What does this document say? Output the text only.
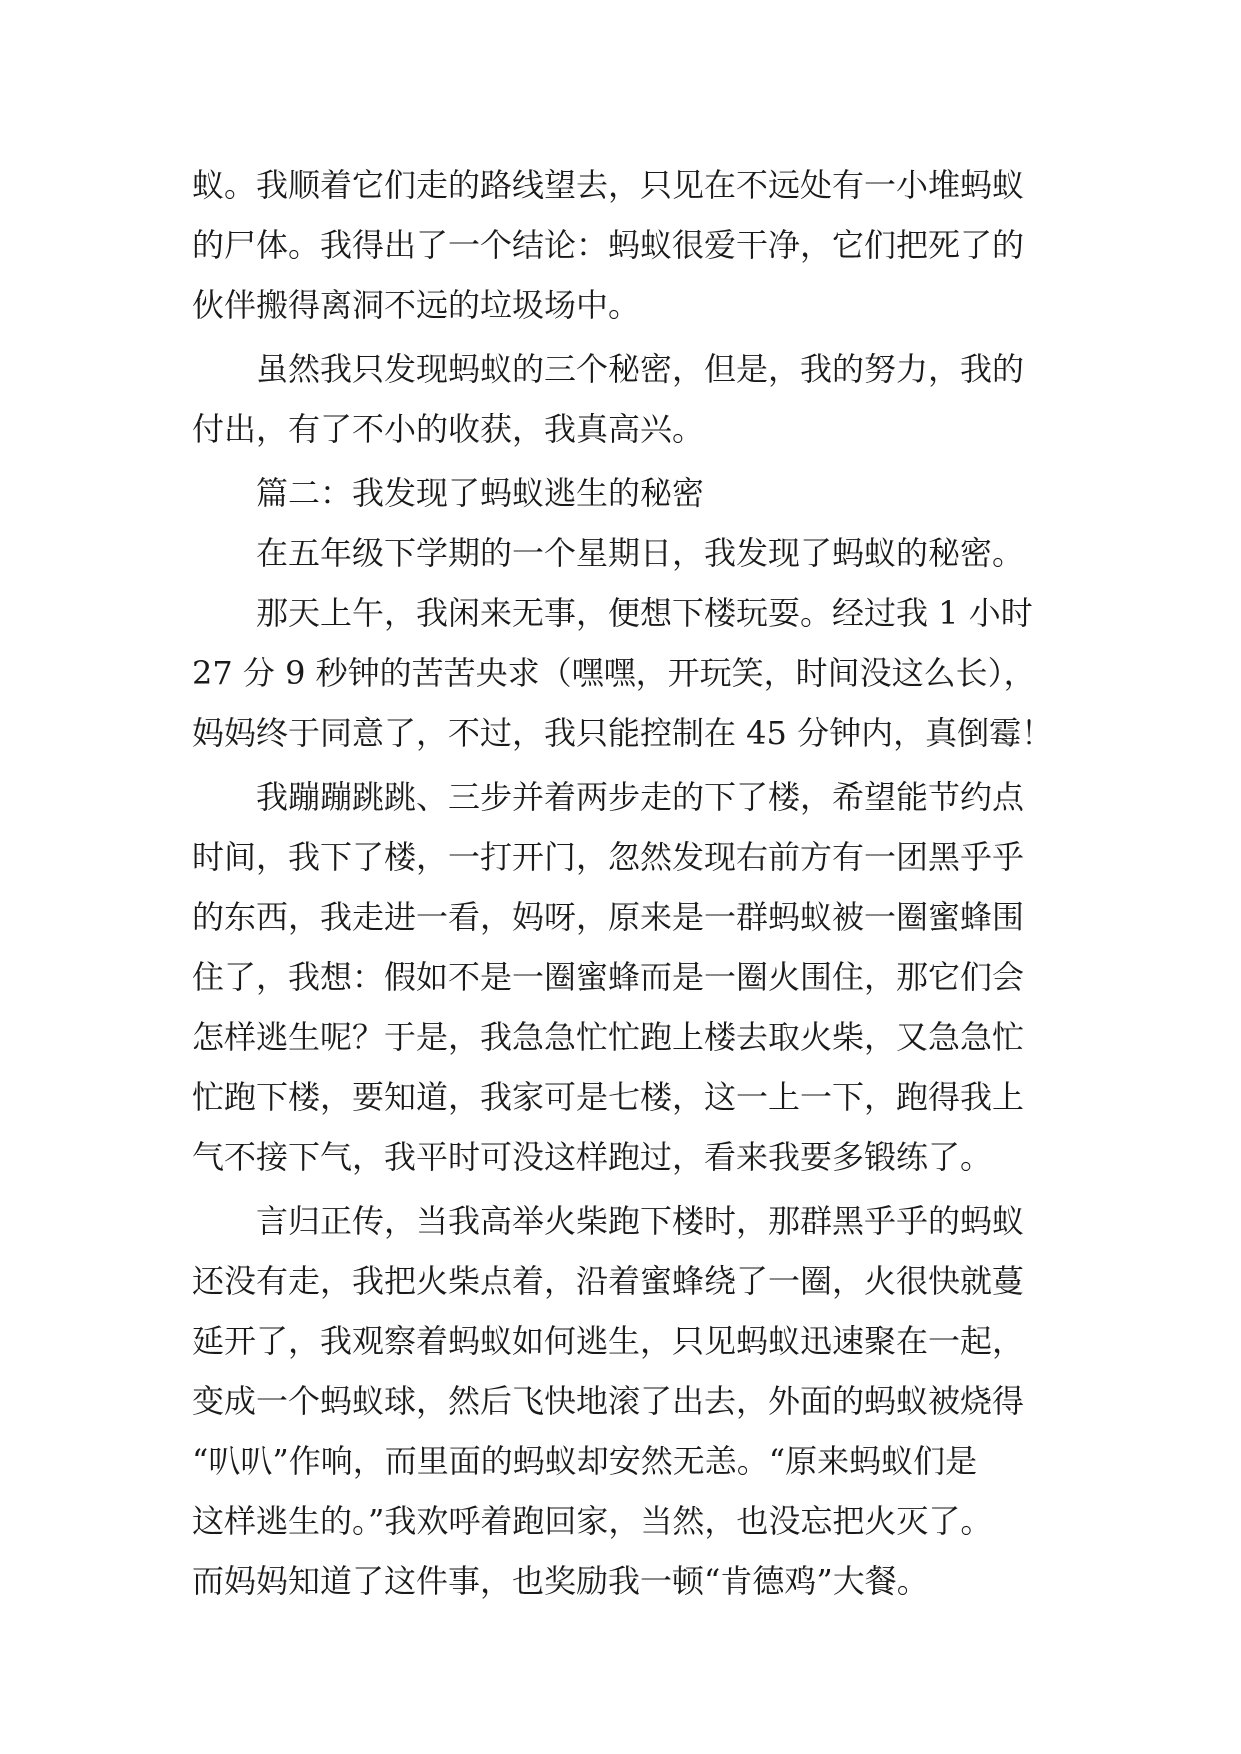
蚁。我顺着它们走的路线望去，只见在不远处有一小堆蚂蚁
的尸体。我得出了一个结论：蚂蚁很爱干净，它们把死了的
伙伴搬得离洞不远的垃圾场中。
虽然我只发现蚂蚁的三个秘密，但是，我的努力，我的
付出，有了不小的收获，我真高兴。
篇二：我发现了蚂蚁逃生的秘密
在五年级下学期的一个星期日，我发现了蚂蚁的秘密。
那天上午，我闲来无事，便想下楼玩耍。经过我 1 小时
27 分 9 秒钟的苦苦央求（嘿嘿，开玩笑，时间没这么长），
妈妈终于同意了，不过，我只能控制在 45 分钟内，真倒霉！
我蹦蹦跳跳、三步并着两步走的下了楼，希望能节约点
时间，我下了楼，一打开门，忽然发现右前方有一团黑乎乎
的东西，我走进一看，妈呀，原来是一群蚂蚁被一圈蜜蜂围
住了，我想：假如不是一圈蜜蜂而是一圈火围住，那它们会
怎样逃生呢？于是，我急急忙忙跑上楼去取火柴，又急急忙
忙跑下楼，要知道，我家可是七楼，这一上一下，跑得我上
气不接下气，我平时可没这样跑过，看来我要多锻练了。
言归正传，当我高举火柴跑下楼时，那群黑乎乎的蚂蚁
还没有走，我把火柴点着，沿着蜜蜂绕了一圈，火很快就蔓
延开了，我观察着蚂蚁如何逃生，只见蚂蚁迅速聚在一起，
变成一个蚂蚁球，然后飞快地滚了出去，外面的蚂蚁被烧得
“叭叭”作响，而里面的蚂蚁却安然无恙。“原来蚂蚁们是
这样逃生的。”我欢呼着跑回家，当然，也没忘把火灭了。
而妈妈知道了这件事，也奖励我一顿“肯德鸡”大餐。
